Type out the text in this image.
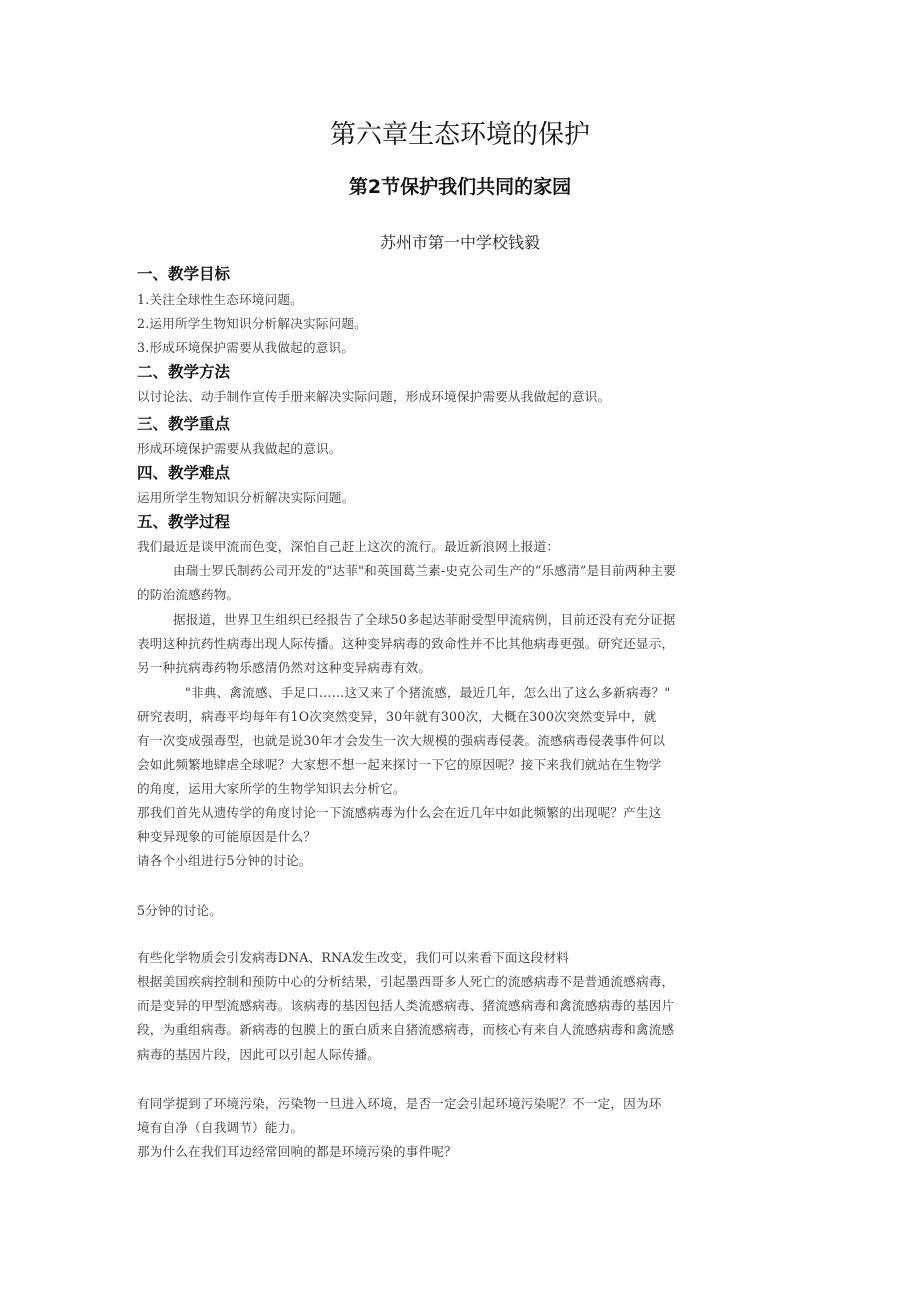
第六章生态环境的保护
第2节保护我们共同的家园
苏州市第一中学校钱毅
一、教学目标
1.关注全球性生态环境问题。
2.运用所学生物知识分析解决实际问题。
3.形成环境保护需要从我做起的意识。
二、教学方法
以讨论法、动手制作宣传手册来解决实际问题，形成环境保护需要从我做起的意识。
三、教学重点
形成环境保护需要从我做起的意识。
四、教学难点
运用所学生物知识分析解决实际问题。
五、教学过程
我们最近是谈甲流而色变，深怕自己赶上这次的流行。最近新浪网上报道：
由瑞士罗氏制药公司开发的"达菲"和英国葛兰素-史克公司生产的“乐感清”是目前两种主要
的防治流感药物。
据报道，世界卫生组织已经报告了全球50多起达菲耐受型甲流病例，目前还没有充分证据
表明这种抗药性病毒出现人际传播。这种变异病毒的致命性并不比其他病毒更强。研究还显示，
另一种抗病毒药物乐感清仍然对这种变异病毒有效。
"非典、禽流感、手足口……这又来了个猪流感，最近几年，怎么出了这么多新病毒？"
研究表明，病毒平均每年有1O次突然变异，30年就有300次，大概在300次突然变异中，就
有一次变成强毒型，也就是说30年才会发生一次大规模的强病毒侵袭。流感病毒侵袭事件何以
会如此频繁地肆虐全球呢？大家想不想一起来探讨一下它的原因呢？接下来我们就站在生物学
的角度，运用大家所学的生物学知识去分析它。
那我们首先从遗传学的角度讨论一下流感病毒为什么会在近几年中如此频繁的出现呢？产生这
种变异现象的可能原因是什么？
请各个小组进行5分钟的讨论。
5分钟的讨论。
有些化学物质会引发病毒DNA、RNA发生改变，我们可以来看下面这段材料
根据美国疾病控制和预防中心的分析结果，引起墨西哥多人死亡的流感病毒不是普通流感病毒，
而是变异的甲型流感病毒。该病毒的基因包括人类流感病毒、猪流感病毒和禽流感病毒的基因片
段，为重组病毒。新病毒的包膜上的蛋白质来自猪流感病毒，而核心有来自人流感病毒和禽流感
病毒的基因片段，因此可以引起人际传播。
有同学提到了环境污染，污染物一旦进入环境，是否一定会引起环境污染呢？不一定，因为环
境有自净（自我调节）能力。
那为什么在我们耳边经常回响的都是环境污染的事件呢？
